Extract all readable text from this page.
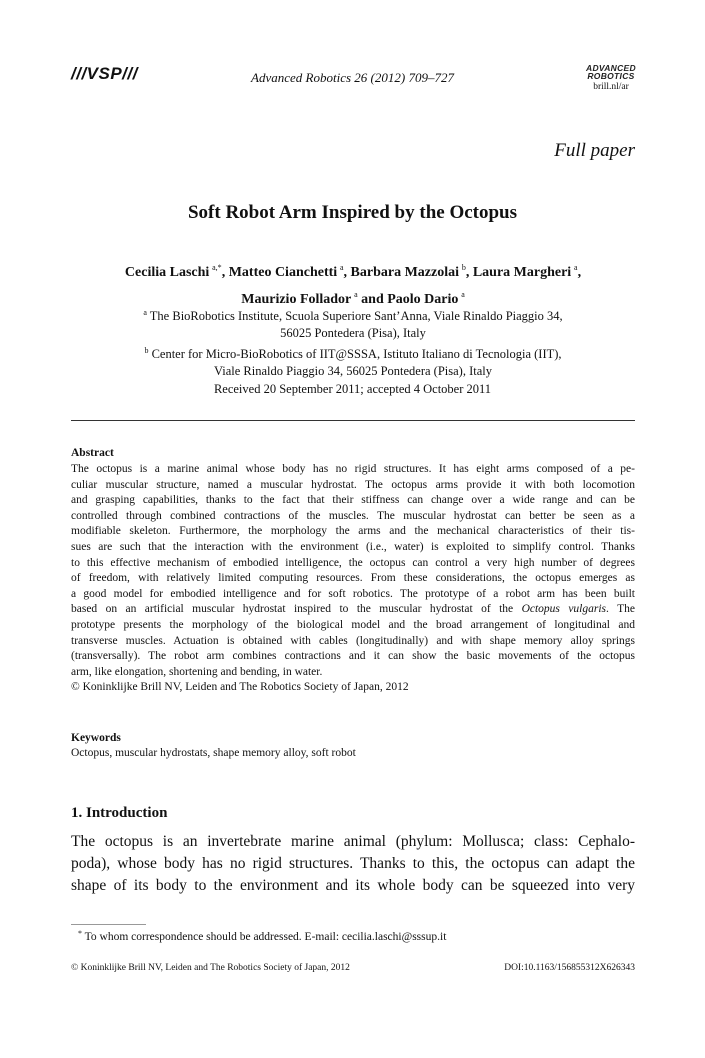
///VSP///	Advanced Robotics 26 (2012) 709–727
ADVANCED
ROBOTICS
brill.nl/ar
Full paper
Soft Robot Arm Inspired by the Octopus
Cecilia Laschi  $^{a,*}$, Matteo Cianchetti  $^a$, Barbara Mazzolai  $^b$, Laura Margheri  $^a$,
Maurizio Follador  $^a$ and Paolo Dario  $^a$
$^a$ The BioRobotics Institute, Scuola Superiore Sant’Anna, Viale Rinaldo Piaggio 34,
56025 Pontedera (Pisa), Italy
$^b$ Center for Micro-BioRobotics of IIT@SSSA, Istituto Italiano di Tecnologia (IIT),
Viale Rinaldo Piaggio 34, 56025 Pontedera (Pisa), Italy
Received 20 September 2011; accepted 4 October 2011
Abstract
The octopus is a marine animal whose body has no rigid structures. It has eight arms composed of a pe-
culiar muscular structure, named a muscular hydrostat. The octopus arms provide it with both locomotion
and grasping capabilities, thanks to the fact that their stiffness can change over a wide range and can be
controlled through combined contractions of the muscles. The muscular hydrostat can better be seen as a
modifiable skeleton. Furthermore, the morphology the arms and the mechanical characteristics of their tis-
sues are such that the interaction with the environment (i.e., water) is exploited to simplify control. Thanks
to this effective mechanism of embodied intelligence, the octopus can control a very high number of degrees
of freedom, with relatively limited computing resources. From these considerations, the octopus emerges as
a good model for embodied intelligence and for soft robotics. The prototype of a robot arm has been built
based on an artificial muscular hydrostat inspired to the muscular hydrostat of the Octopus vulgaris. The
prototype presents the morphology of the biological model and the broad arrangement of longitudinal and
transverse muscles. Actuation is obtained with cables (longitudinally) and with shape memory alloy springs
(transversally). The robot arm combines contractions and it can show the basic movements of the octopus
arm, like elongation, shortening and bending, in water.
© Koninklijke Brill NV, Leiden and The Robotics Society of Japan, 2012
Keywords
Octopus, muscular hydrostats, shape memory alloy, soft robot
1. Introduction
The octopus is an invertebrate marine animal (phylum: Mollusca; class: Cephalo-
poda), whose body has no rigid structures. Thanks to this, the octopus can adapt the
shape of its body to the environment and its whole body can be squeezed into very
* To whom correspondence should be addressed. E-mail: cecilia.laschi@sssup.it
© Koninklijke Brill NV, Leiden and The Robotics Society of Japan, 2012	DOI:10.1163/156855312X626343
